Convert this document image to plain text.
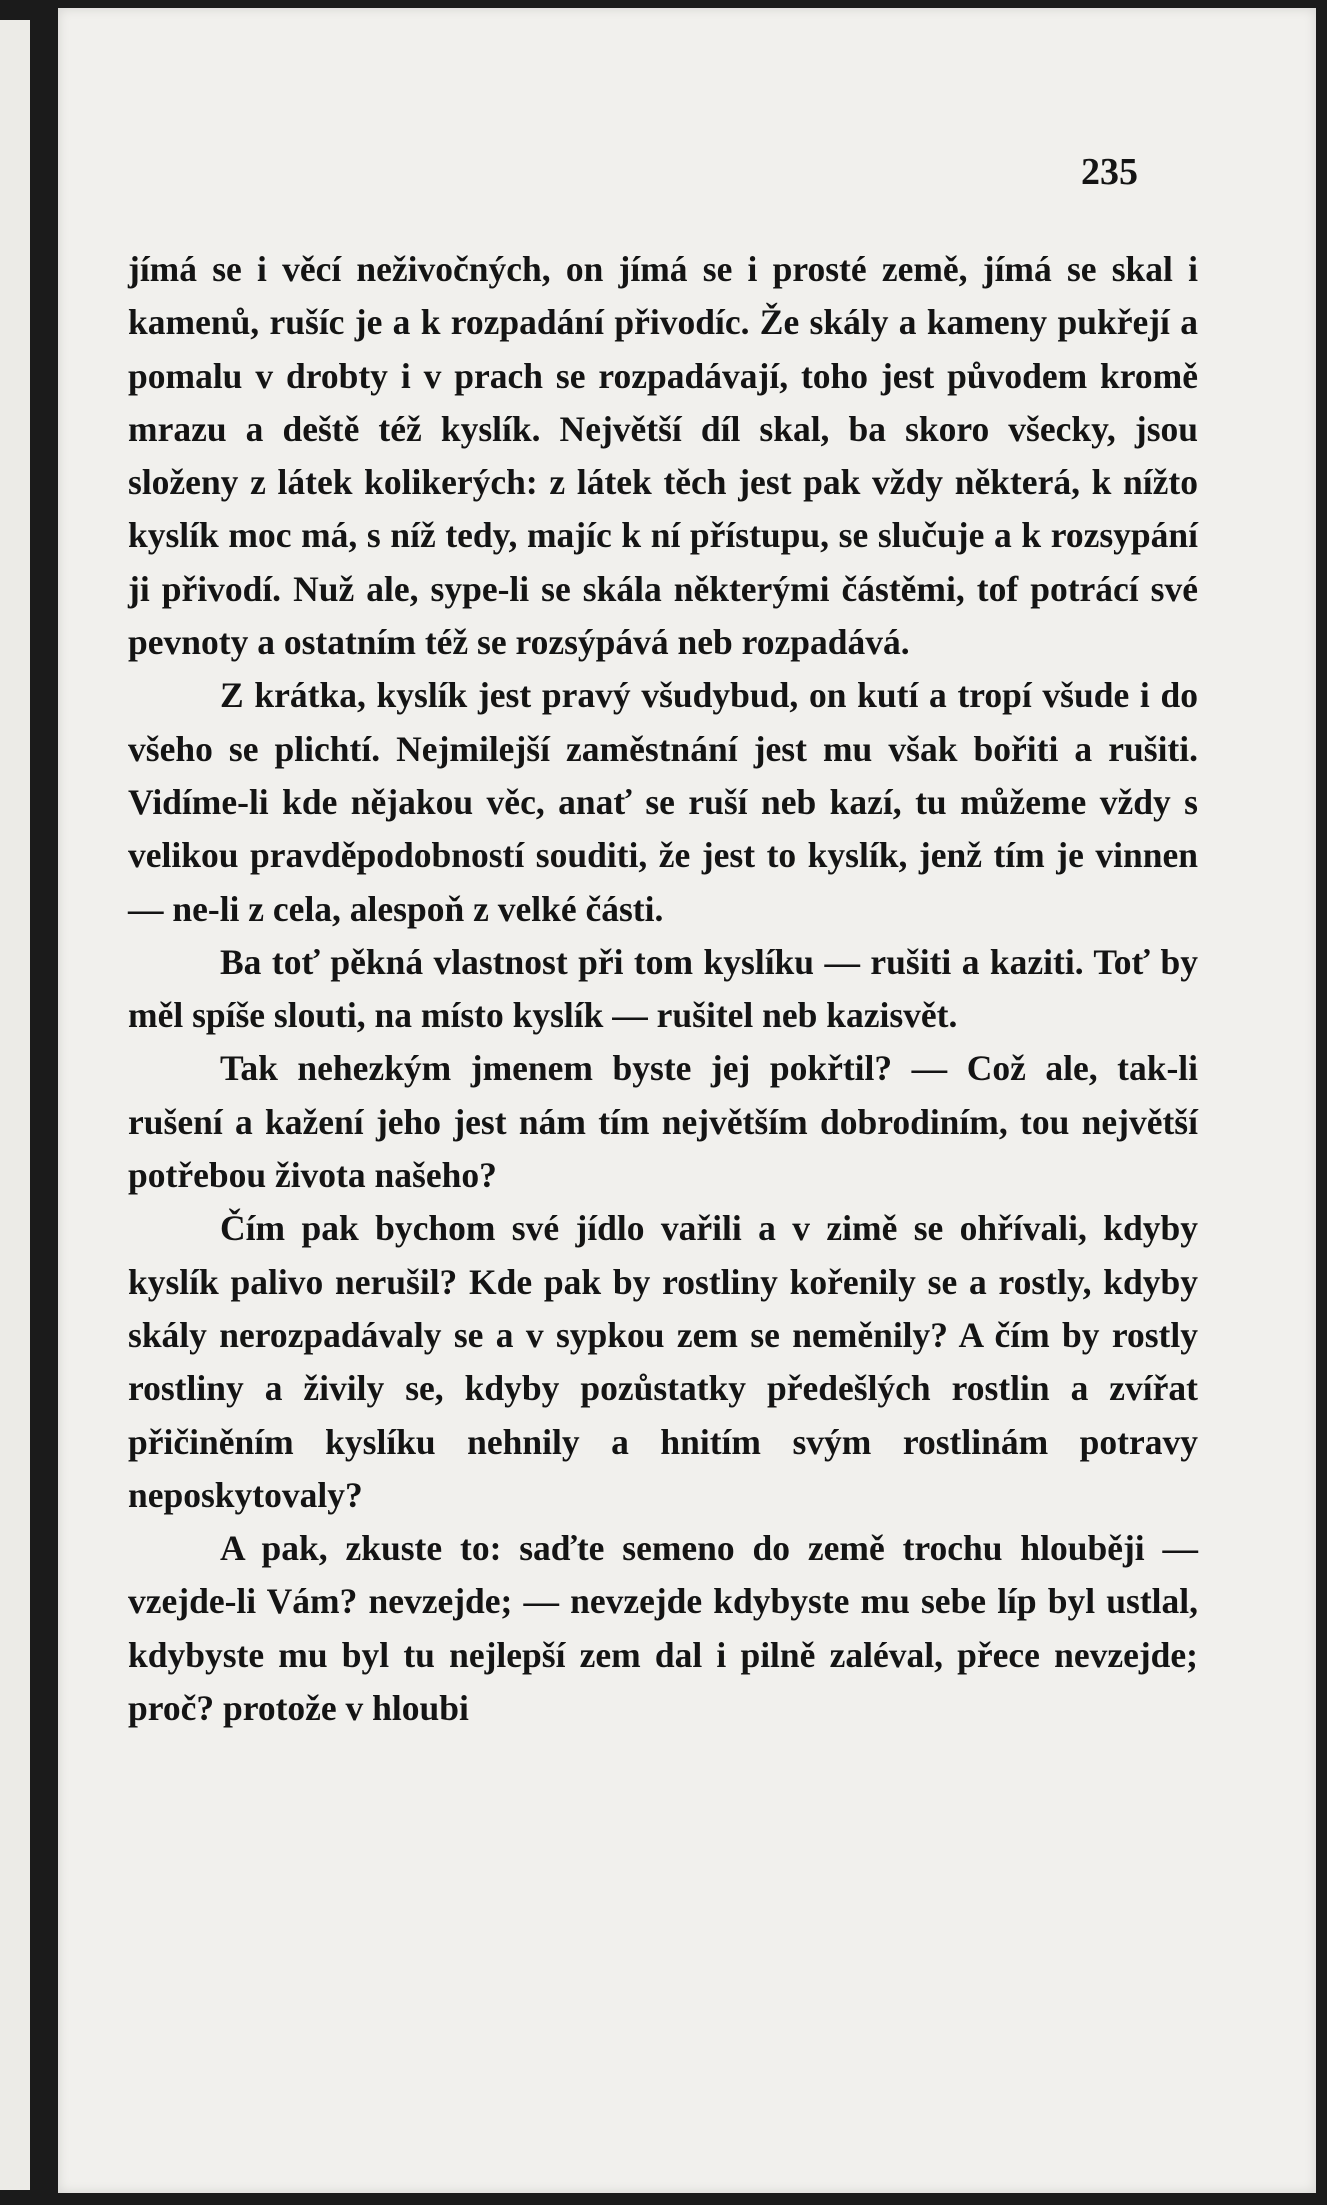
235

jímá se i věcí neživočných, on jímá se i prosté země, jímá se skal i kamenů, rušíc je a k rozpadání přivodíc. Že skály a kameny pukřejí a pomalu v drobty i v prach se rozpadávají, toho jest původem kromě mrazu a deště též kyslík. Největší díl skal, ba skoro všecky, jsou složeny z látek kolikerých: z látek těch jest pak vždy některá, k nížto kyslík moc má, s níž tedy, majíc k ní přístupu, se slučuje a k rozsypání ji přivodí. Nuž ale, sype-li se skála některými částěmi, tof potrácí své pevnoty a ostatním též se rozsýpává neb rozpadává.

Z krátka, kyslík jest pravý všudybud, on kutí a tropí všude i do všeho se plichtí. Nejmilejší zaměstnání jest mu však bořiti a rušiti. Vidíme-li kde nějakou věc, anať se ruší neb kazí, tu můžeme vždy s velikou pravděpodobností souditi, že jest to kyslík, jenž tím je vinnen — ne-li z cela, alespoň z velké části.

Ba toť pěkná vlastnost při tom kyslíku — rušiti a kaziti. Toť by měl spíše slouti, na místo kyslík — rušitel neb kazisvět.

Tak nehezkým jmenem byste jej pokřtil? — Což ale, tak-li rušení a kažení jeho jest nám tím největším dobrodiním, tou největší potřebou života našeho?

Čím pak bychom své jídlo vařili a v zimě se ohřívali, kdyby kyslík palivo nerušil? Kde pak by rostliny kořenily se a rostly, kdyby skály nerozpadávaly se a v sypkou zem se neměnily? A čím by rostly rostliny a živily se, kdyby pozůstatky předešlých rostlin a zvířat přičiněním kyslíku nehnily a hnitím svým rostlinám potravy neposkytovaly?

A pak, zkuste to: saďte semeno do země trochu hlouběji — vzejde-li Vám? nevzejde; — nevzejde kdybyste mu sebe líp byl ustlal, kdybyste mu byl tu nejlepší zem dal i pilně zaléval, přece nevzejde; proč? protože v hloubi
